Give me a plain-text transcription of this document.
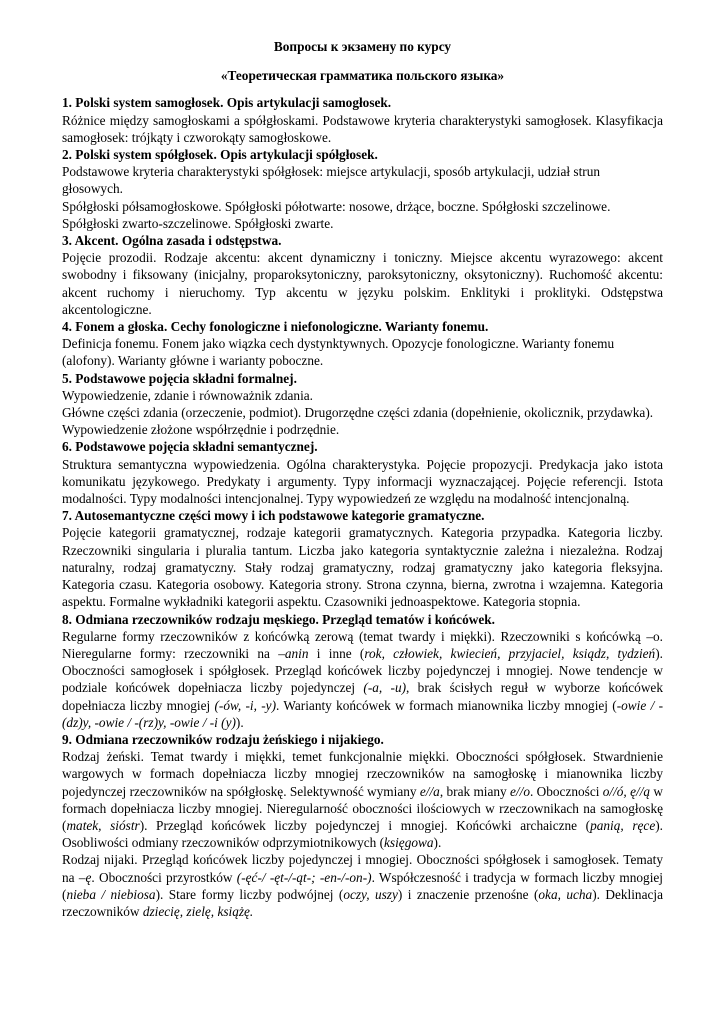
Вопросы к экзамену по курсу

«Теоретическая грамматика польского языка»

1. Polski system samogłosek. Opis artykulacji samogłosek.

Różnice między samogłoskami a spółgłoskami. Podstawowe kryteria charakterystyki samogłosek. Klasyfikacja samogłosek: trójkąty i czworokąty samogłoskowe.

2. Polski system spółgłosek. Opis artykulacji spółgłosek.

Podstawowe kryteria charakterystyki spółgłosek: miejsce artykulacji, sposób artykulacji, udział strun głosowych.

Spółgłoski półsamogłoskowe. Spółgłoski półotwarte: nosowe, drżące, boczne. Spółgłoski szczelinowe. Spółgłoski zwarto-szczelinowe. Spółgłoski zwarte.

3. Akcent. Ogólna zasada i odstępstwa.

Pojęcie prozodii. Rodzaje akcentu: akcent dynamiczny i toniczny. Miejsce akcentu wyrazowego: akcent swobodny i fiksowany (inicjalny, proparoksytoniczny, paroksytoniczny, oksytoniczny). Ruchomość akcentu: akcent ruchomy i nieruchomy. Typ akcentu w języku polskim. Enklityki i proklityki. Odstępstwa akcentologiczne.

4. Fonem a głoska. Cechy fonologiczne i niefonologiczne. Warianty fonemu.

Definicja fonemu. Fonem jako wiązka cech dystynktywnych. Opozycje fonologiczne. Warianty fonemu (alofony). Warianty główne i warianty poboczne.

5. Podstawowe pojęcia składni formalnej.

Wypowiedzenie, zdanie i równoważnik zdania.

Główne części zdania (orzeczenie, podmiot). Drugorzędne części zdania (dopełnienie, okolicznik, przydawka).

Wypowiedzenie złożone współrzędnie i podrzędnie.

6. Podstawowe pojęcia składni semantycznej.

Struktura semantyczna wypowiedzenia. Ogólna charakterystyka. Pojęcie propozycji. Predykacja jako istota komunikatu językowego. Predykaty i argumenty. Typy informacji wyznaczającej. Pojęcie referencji. Istota modalności. Typy modalności intencjonalnej. Typy wypowiedzeń ze względu na modalność intencjonalną.

7. Autosemantyczne części mowy i ich podstawowe kategorie gramatyczne.

Pojęcie kategorii gramatycznej, rodzaje kategorii gramatycznych. Kategoria przypadka. Kategoria liczby. Rzeczowniki singularia i pluralia tantum. Liczba jako kategoria syntaktycznie zależna i niezależna. Rodzaj naturalny, rodzaj gramatyczny. Stały rodzaj gramatyczny, rodzaj gramatyczny jako kategoria fleksyjna. Kategoria czasu. Kategoria osobowy. Kategoria strony. Strona czynna, bierna, zwrotna i wzajemna. Kategoria aspektu. Formalne wykładniki kategorii aspektu. Czasowniki jednoaspektowe. Kategoria stopnia.

8. Odmiana rzeczowników rodzaju męskiego. Przegląd tematów i końcówek.

Regularne formy rzeczowników z końcówką zerową (temat twardy i miękki). Rzeczowniki s końcówką –o. Nieregularne formy: rzeczowniki na –anin i inne (rok, człowiek, kwiecień, przyjaciel, ksiądz, tydzień). Oboczności samogłosek i spółgłosek. Przegląd końcówek liczby pojedynczej i mnogiej. Nowe tendencje w podziale końcówek dopełniacza liczby pojedynczej (-a, -u), brak ścisłych reguł w wyborze końcówek dopełniacza liczby mnogiej (-ów, -i, -y). Warianty końcówek w formach mianownika liczby mnogiej (-owie / -(dz)y, -owie / -(rz)y, -owie / -i (y)).

9. Odmiana rzeczowników rodzaju żeńskiego i nijakiego.

Rodzaj żeński. Temat twardy i miękki, temet funkcjonalnie miękki. Oboczności spółgłosek. Stwardnienie wargowych w formach dopełniacza liczby mnogiej rzeczowników na samogłoskę i mianownika liczby pojedynczej rzeczowników na spółgłoskę. Selektywność wymiany e//a, brak miany e//o. Oboczności o//ó, ę//ą w formach dopełniacza liczby mnogiej. Nieregularność oboczności ilościowych w rzeczownikach na samogłoskę (matek, sióstr). Przegląd końcówek liczby pojedynczej i mnogiej. Końcówki archaiczne (panią, ręce). Osobliwości odmiany rzeczowników odprzymiotnikowych (księgowa).

Rodzaj nijaki. Przegląd końcówek liczby pojedynczej i mnogiej. Oboczności spółgłosek i samogłosek. Tematy na –ę. Oboczności przyrostków (-ęć-/ -ęt-/-ąt-; -en-/-on-). Współczesność i tradycja w formach liczby mnogiej (nieba / niebiosa). Stare formy liczby podwójnej (oczy, uszy) i znaczenie przenośne (oka, ucha). Deklinacja rzeczowników dziecię, zielę, książę.
